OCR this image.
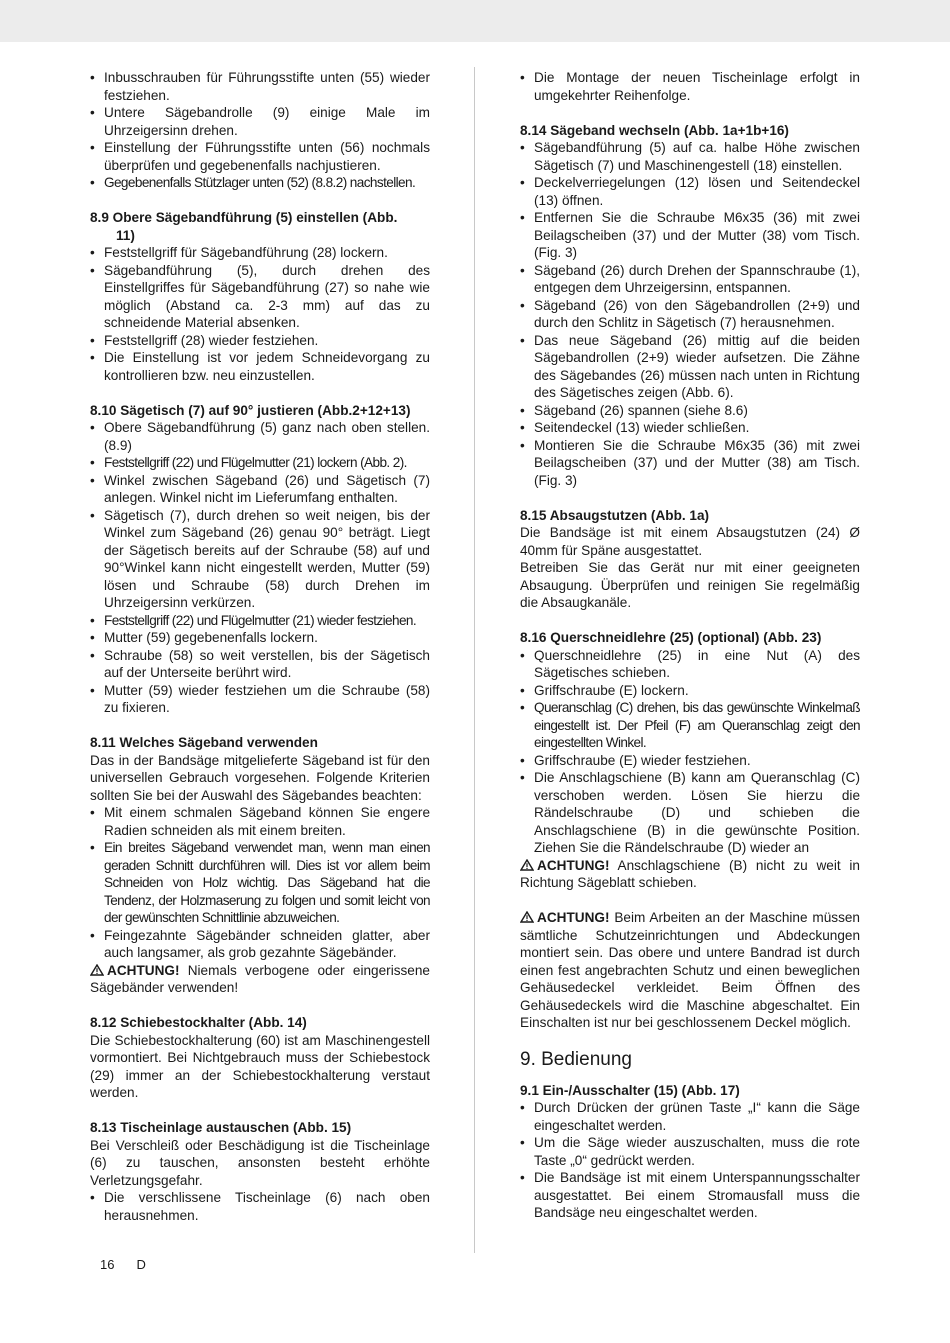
• Inbusschrauben für Führungsstifte unten (55) wieder festziehen.
• Untere Sägebandrolle (9) einige Male im Uhrzeigersinn drehen.
• Einstellung der Führungsstifte unten (56) nochmals überprüfen und gegebenenfalls nachjustieren.
• Gegebenenfalls Stützlager unten (52) (8.8.2) nachstellen.
8.9 Obere Sägebandführung (5) einstellen (Abb.
11)
• Feststellgriff für Sägebandführung (28) lockern.
• Sägebandführung (5), durch drehen des Einstellgriffes für Sägebandführung (27) so nahe wie möglich (Abstand ca. 2-3 mm) auf das zu schneidende Material absenken.
• Feststellgriff (28) wieder festziehen.
• Die Einstellung ist vor jedem Schneidevorgang zu kontrollieren bzw. neu einzustellen.
8.10 Sägetisch (7) auf 90° justieren (Abb.2+12+13)
• Obere Sägebandführung (5) ganz nach oben stellen. (8.9)
• Feststellgriff (22) und Flügelmutter (21) lockern (Abb. 2).
• Winkel zwischen Sägeband (26) und Sägetisch (7) anlegen. Winkel nicht im Lieferumfang enthalten.
• Sägetisch (7), durch drehen so weit neigen, bis der Winkel zum Sägeband (26) genau 90° beträgt. Liegt der Sägetisch bereits auf der Schraube (58) auf und 90°Winkel kann nicht eingestellt werden, Mutter (59) lösen und Schraube (58) durch Drehen im Uhrzeigersinn verkürzen.
• Feststellgriff (22) und Flügelmutter (21) wieder festziehen.
• Mutter (59) gegebenenfalls lockern.
• Schraube (58) so weit verstellen, bis der Sägetisch auf der Unterseite berührt wird.
• Mutter (59) wieder festziehen um die Schraube (58) zu fixieren.
8.11 Welches Sägeband verwenden

Das in der Bandsäge mitgelieferte Sägeband ist für den universellen Gebrauch vorgesehen. Folgende Kriterien sollten Sie bei der Auswahl des Sägebandes beachten:

• Mit einem schmalen Sägeband können Sie engere Radien schneiden als mit einem breiten.
• Ein breites Sägeband verwendet man, wenn man einen geraden Schnitt durchführen will. Dies ist vor allem beim Schneiden von Holz wichtig. Das Sägeband hat die Tendenz, der Holzmaserung zu folgen und somit leicht von der gewünschten Schnittlinie abzuweichen.
• Feingezahnte Sägebänder schneiden glatter, aber auch langsamer, als grob gezahnte Sägebänder.

ACHTUNG! Niemals verbogene oder eingerissene Sägebänder verwenden!

8.12 Schiebestockhalter (Abb. 14)

Die Schiebestockhalterung (60) ist am Maschinengestell vormontiert. Bei Nichtgebrauch muss der Schiebestock (29) immer an der Schiebestockhalterung verstaut werden.

8.13 Tischeinlage austauschen (Abb. 15)

Bei Verschleiß oder Beschädigung ist die Tischeinlage (6) zu tauschen, ansonsten besteht erhöhte Verletzungsgefahr.

• Die verschlissene Tischeinlage (6) nach oben herausnehmen.
• Die Montage der neuen Tischeinlage erfolgt in umgekehrter Reihenfolge.
8.14 Sägeband wechseln (Abb. 1a+1b+16)
• Sägebandführung (5) auf ca. halbe Höhe zwischen Sägetisch (7) und Maschinengestell (18) einstellen.
• Deckelverriegelungen (12) lösen und Seitendeckel (13) öffnen.
• Entfernen Sie die Schraube M6x35 (36) mit zwei Beilagscheiben (37) und der Mutter (38) vom Tisch. (Fig. 3)
• Sägeband (26) durch Drehen der Spannschraube (1), entgegen dem Uhrzeigersinn, entspannen.
• Sägeband (26) von den Sägebandrollen (2+9) und durch den Schlitz in Sägetisch (7) herausnehmen.
• Das neue Sägeband (26) mittig auf die beiden Sägebandrollen (2+9) wieder aufsetzen. Die Zähne des Sägebandes (26) müssen nach unten in Richtung des Sägetisches zeigen (Abb. 6).
• Sägeband (26) spannen (siehe 8.6)
• Seitendeckel (13) wieder schließen.
• Montieren Sie die Schraube M6x35 (36) mit zwei Beilagscheiben (37) und der Mutter (38) am Tisch. (Fig. 3)
8.15 Absaugstutzen (Abb. 1a)

Die Bandsäge ist mit einem Absaugstutzen (24) Ø 40mm für Späne ausgestattet.

Betreiben Sie das Gerät nur mit einer geeigneten Absaugung. Überprüfen und reinigen Sie regelmäßig die Absaugkanäle.

8.16 Querschneidlehre (25) (optional) (Abb. 23)
• Querschneidlehre (25) in eine Nut (A) des Sägetisches schieben.
• Griffschraube (E) lockern.
• Queranschlag (C) drehen, bis das gewünschte Winkelmaß eingestellt ist. Der Pfeil (F) am Queranschlag zeigt den eingestellten Winkel.
• Griffschraube (E) wieder festziehen.
• Die Anschlagschiene (B) kann am Queranschlag (C) verschoben werden. Lösen Sie hierzu die Rändelschraube (D) und schieben die Anschlagschiene (B) in die gewünschte Position. Ziehen Sie die Rändelschraube (D) wieder an

ACHTUNG! Anschlagschiene (B) nicht zu weit in Richtung Sägeblatt schieben.

ACHTUNG! Beim Arbeiten an der Maschine müssen sämtliche Schutzeinrichtungen und Abdeckungen montiert sein. Das obere und untere Bandrad ist durch einen fest angebrachten Schutz und einen beweglichen Gehäusedeckel verkleidet. Beim Öffnen des Gehäusedeckels wird die Maschine abgeschaltet. Ein Einschalten ist nur bei geschlossenem Deckel möglich.

9. Bedienung
9.1 Ein-/Ausschalter (15) (Abb. 17)
• Durch Drücken der grünen Taste „I“ kann die Säge eingeschaltet werden.
• Um die Säge wieder auszuschalten, muss die rote Taste „0“ gedrückt werden.
• Die Bandsäge ist mit einem Unterspannungsschalter ausgestattet. Bei einem Stromausfall muss die Bandsäge neu eingeschaltet werden.
16 D
